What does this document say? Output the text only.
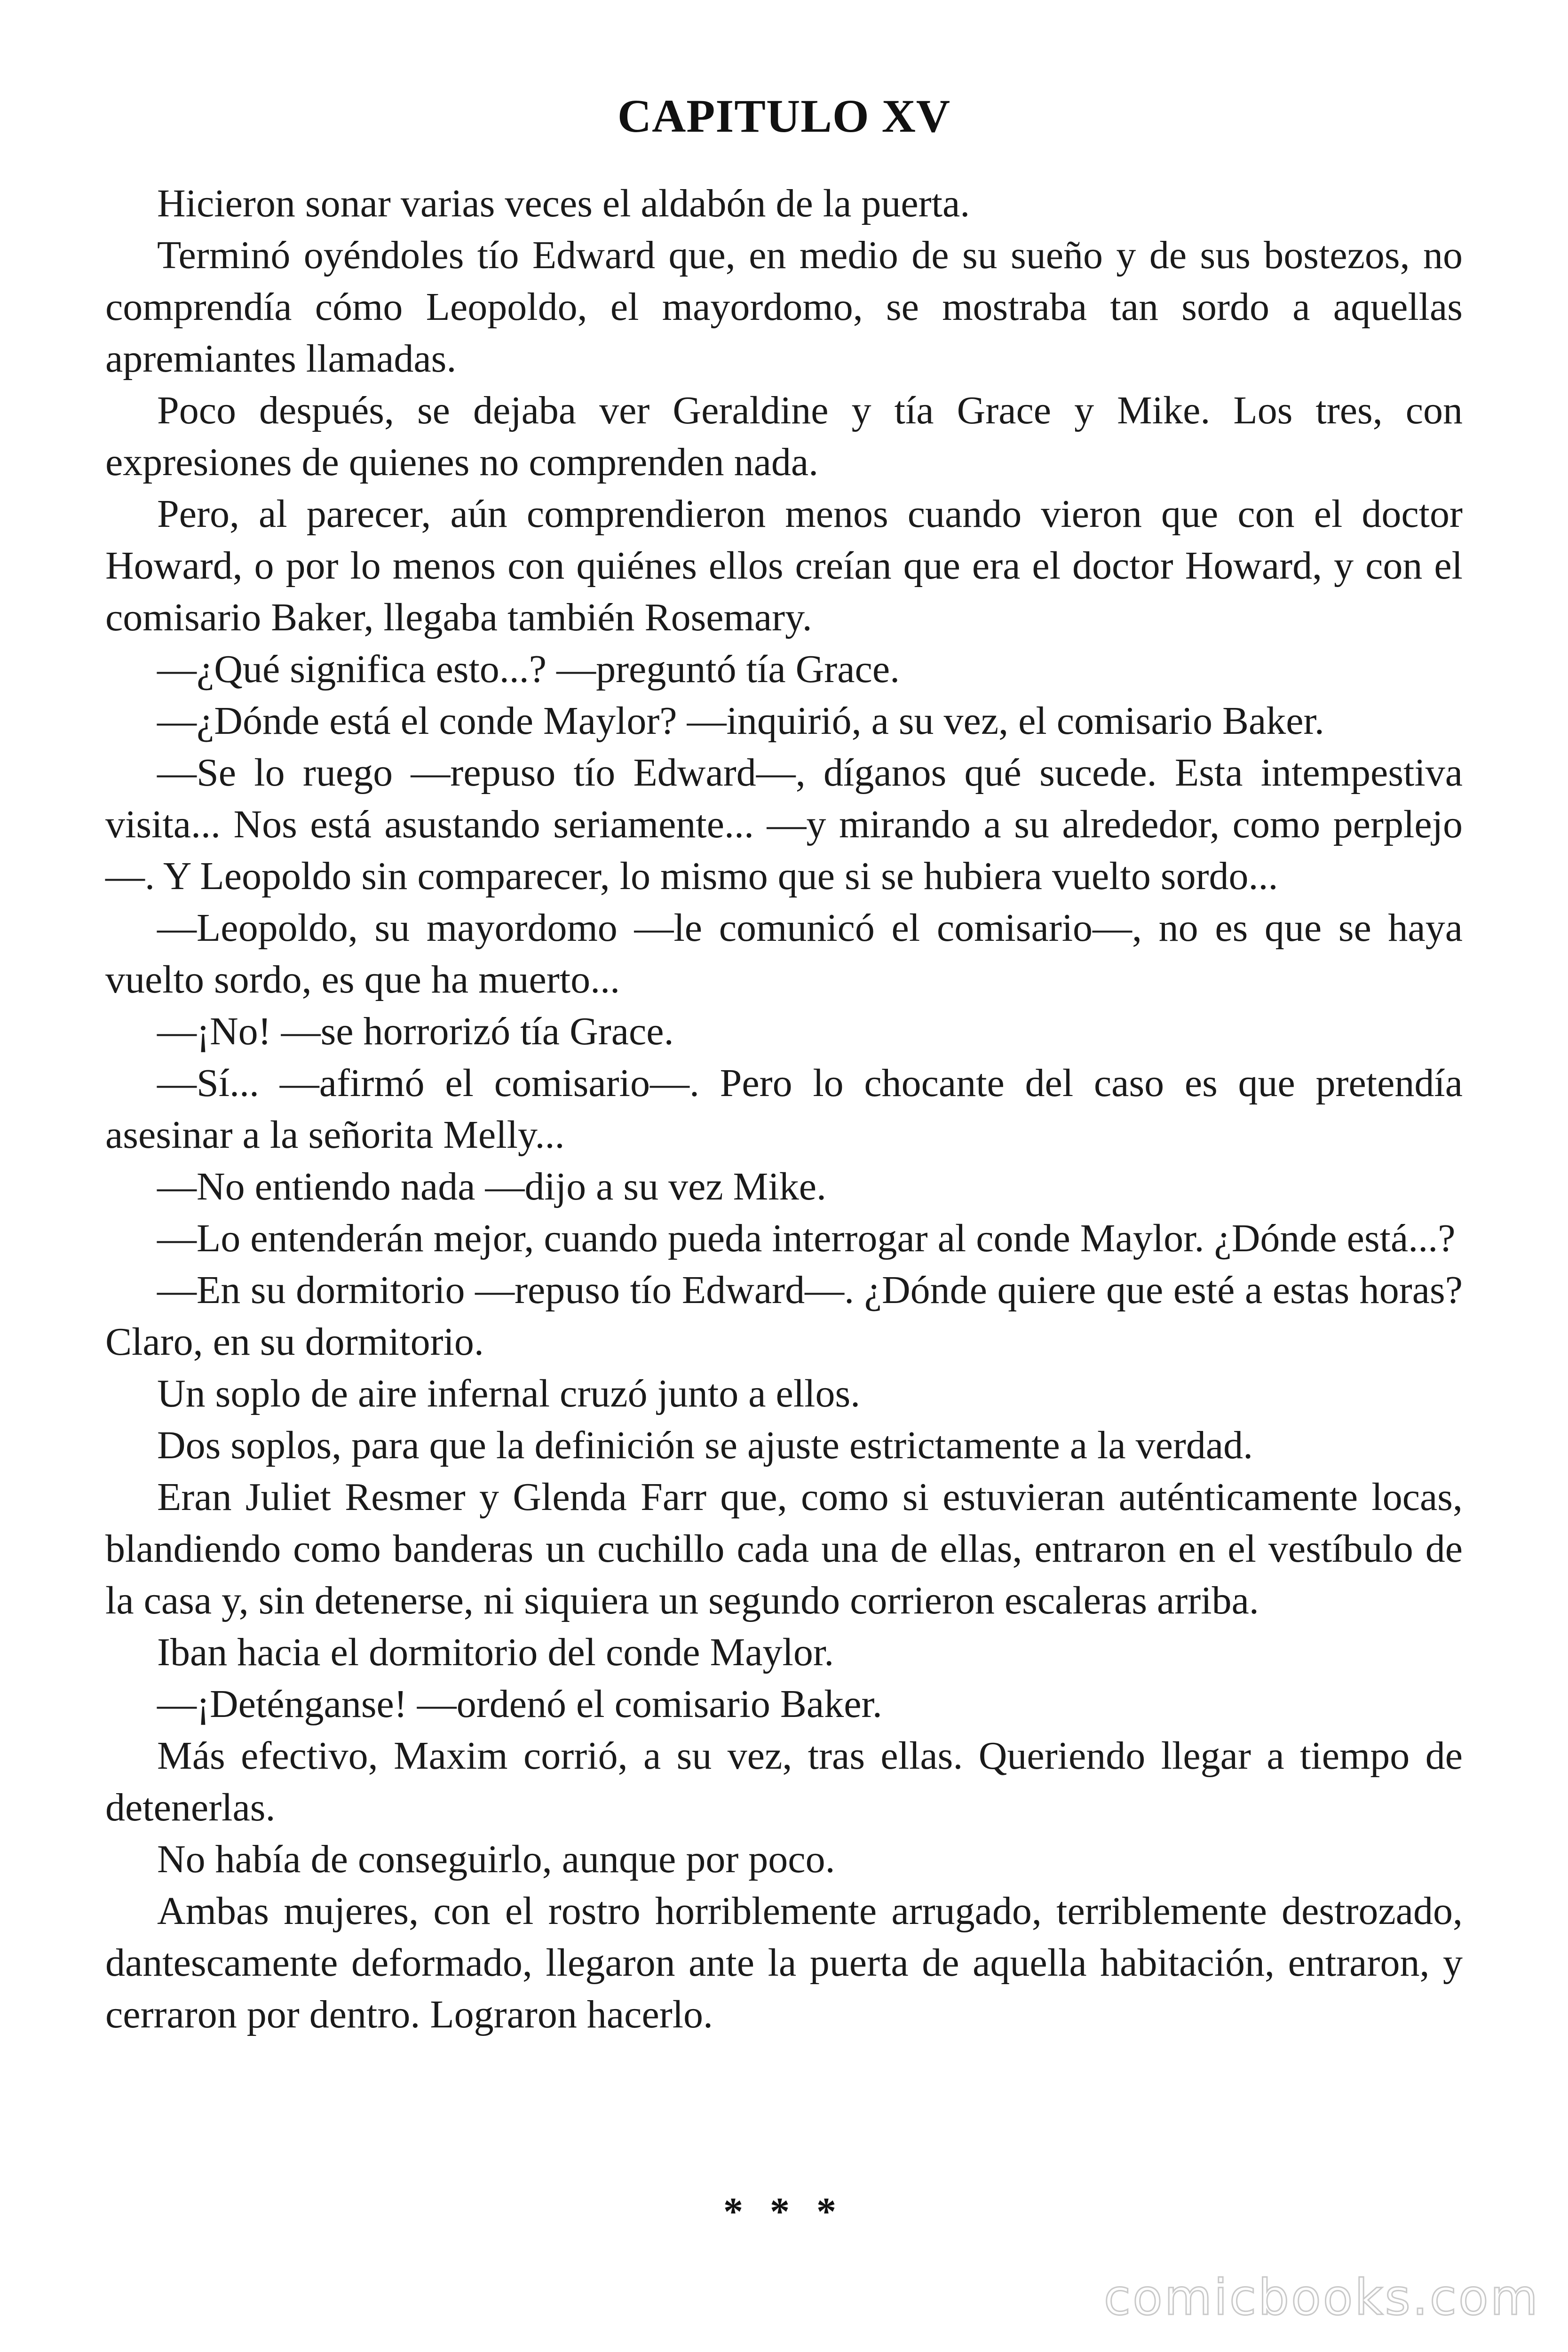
CAPITULO XV

Hicieron sonar varias veces el aldabón de la puerta.

Terminó oyéndoles tío Edward que, en medio de su sueño y de sus bostezos, no comprendía cómo Leopoldo, el mayordomo, se mostraba tan sordo a aquellas apremiantes llamadas.

Poco después, se dejaba ver Geraldine y tía Grace y Mike. Los tres, con expresiones de quienes no comprenden nada.

Pero, al parecer, aún comprendieron menos cuando vieron que con el doctor Howard, o por lo menos con quiénes ellos creían que era el doctor Howard, y con el comisario Baker, llegaba también Rosemary.

—¿Qué significa esto...? —preguntó tía Grace.

—¿Dónde está el conde Maylor? —inquirió, a su vez, el comisario Baker.

—Se lo ruego —repuso tío Edward—, díganos qué sucede. Esta intempestiva visita... Nos está asustando seriamente... —y mirando a su alrededor, como perplejo—. Y Leopoldo sin comparecer, lo mismo que si se hubiera vuelto sordo...

—Leopoldo, su mayordomo —le comunicó el comisario—, no es que se haya vuelto sordo, es que ha muerto...

—¡No! —se horrorizó tía Grace.

—Sí... —afirmó el comisario—. Pero lo chocante del caso es que pretendía asesinar a la señorita Melly...

—No entiendo nada —dijo a su vez Mike.

—Lo entenderán mejor, cuando pueda interrogar al conde Maylor. ¿Dónde está...?

—En su dormitorio —repuso tío Edward—. ¿Dónde quiere que esté a estas horas? Claro, en su dormitorio.

Un soplo de aire infernal cruzó junto a ellos.

Dos soplos, para que la definición se ajuste estrictamente a la verdad.

Eran Juliet Resmer y Glenda Farr que, como si estuvieran auténticamente locas, blandiendo como banderas un cuchillo cada una de ellas, entraron en el vestíbulo de la casa y, sin detenerse, ni siquiera un segundo corrieron escaleras arriba.

Iban hacia el dormitorio del conde Maylor.

—¡Deténganse! —ordenó el comisario Baker.

Más efectivo, Maxim corrió, a su vez, tras ellas. Queriendo llegar a tiempo de detenerlas.

No había de conseguirlo, aunque por poco.

Ambas mujeres, con el rostro horriblemente arrugado, terriblemente destrozado, dantescamente deformado, llegaron ante la puerta de aquella habitación, entraron, y cerraron por dentro. Lograron hacerlo.

* * *
comicbooks.com
